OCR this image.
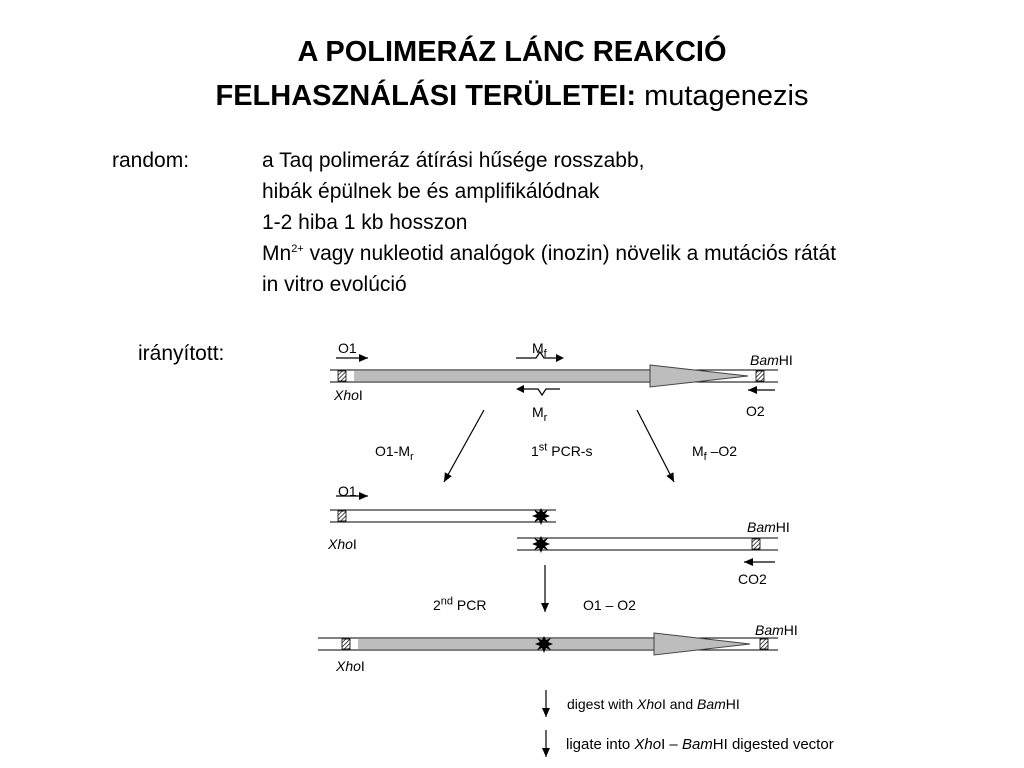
A POLIMERÁZ LÁNC REAKCIÓ
FELHASZNÁLÁSI TERÜLETEI: mutagenezis
random:	a Taq polimeráz átírási hűsége rosszabb,
hibák épülnek be és amplifikálódnak
1-2 hiba 1 kb hosszon
$Mn^{2+}$ vagy nukleotid analógok (inozin) növelik a mutációs rátát
in vitro evolúció
irányított:	O1	$M_f$	BamHI
XhoI
$M_r$	O2
$O1-M_r$	1st PCR-s	$M_f$ –O2
O1
BamHI
XhoI
CO2
2nd PCR	O1 – O2
BamHI
XhoI
digest with XhoI and BamHI
ligate into XhoI – BamHI digested vector
